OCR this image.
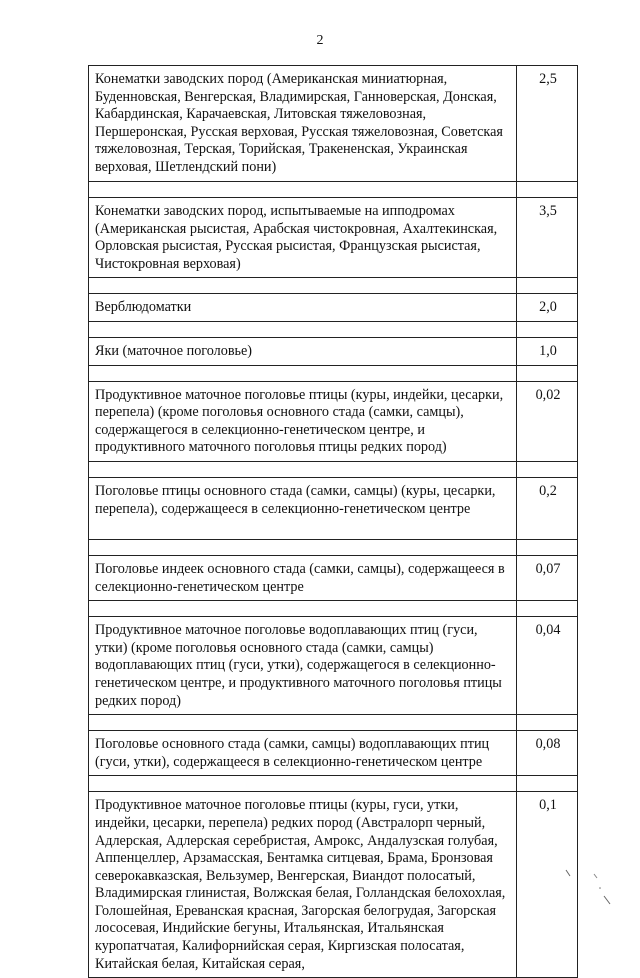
2
Конематки заводских пород (Американская миниатюрная, Буденновская, Венгерская, Владимирская, Ганноверская, Донская, Кабардинская, Карачаевская, Литовская тяжеловозная, Першеронская, Русская верховая, Русская тяжеловозная, Советская тяжеловозная, Терская, Торийская, Тракененская, Украинская верховая, Шетлендский пони)	2,5

Конематки заводских пород, испытываемые на ипподромах (Американская рысистая, Арабская чистокровная, Ахалтекинская, Орловская рысистая, Русская рысистая, Французская рысистая, Чистокровная верховая)	3,5

Верблюдоматки	2,0

Яки (маточное поголовье)	1,0

Продуктивное маточное поголовье птицы (куры, индейки, цесарки, перепела) (кроме поголовья основного стада (самки, самцы), содержащегося в селекционно-генетическом центре, и продуктивного маточного поголовья птицы редких пород)	0,02

Поголовье птицы основного стада (самки, самцы) (куры, цесарки, перепела), содержащееся в селекционно-генетическом центре	0,2

Поголовье индеек основного стада (самки, самцы), содержащееся в селекционно-генетическом центре	0,07

Продуктивное маточное поголовье водоплавающих птиц (гуси, утки) (кроме поголовья основного стада (самки, самцы) водоплавающих птиц (гуси, утки), содержащегося в селекционно-генетическом центре, и продуктивного маточного поголовья птицы редких пород)	0,04

Поголовье основного стада (самки, самцы) водоплавающих птиц (гуси, утки), содержащееся в селекционно-генетическом центре	0,08

Продуктивное маточное поголовье птицы (куры, гуси, утки, индейки, цесарки, перепела) редких пород (Австралорп черный, Адлерская, Адлерская серебристая, Амрокс, Андалузская голубая, Аппенцеллер, Арзамасская, Бентамка ситцевая, Брама, Бронзовая северокавказская, Вельзумер, Венгерская, Виандот полосатый, Владимирская глинистая, Волжская белая, Голландская белохохлая, Голошейная, Ереванская красная, Загорская белогрудая, Загорская лососевая, Индийские бегуны, Итальянская, Итальянская куропатчатая, Калифорнийская серая, Киргизская полосатая, Китайская белая, Китайская серая,	0,1
